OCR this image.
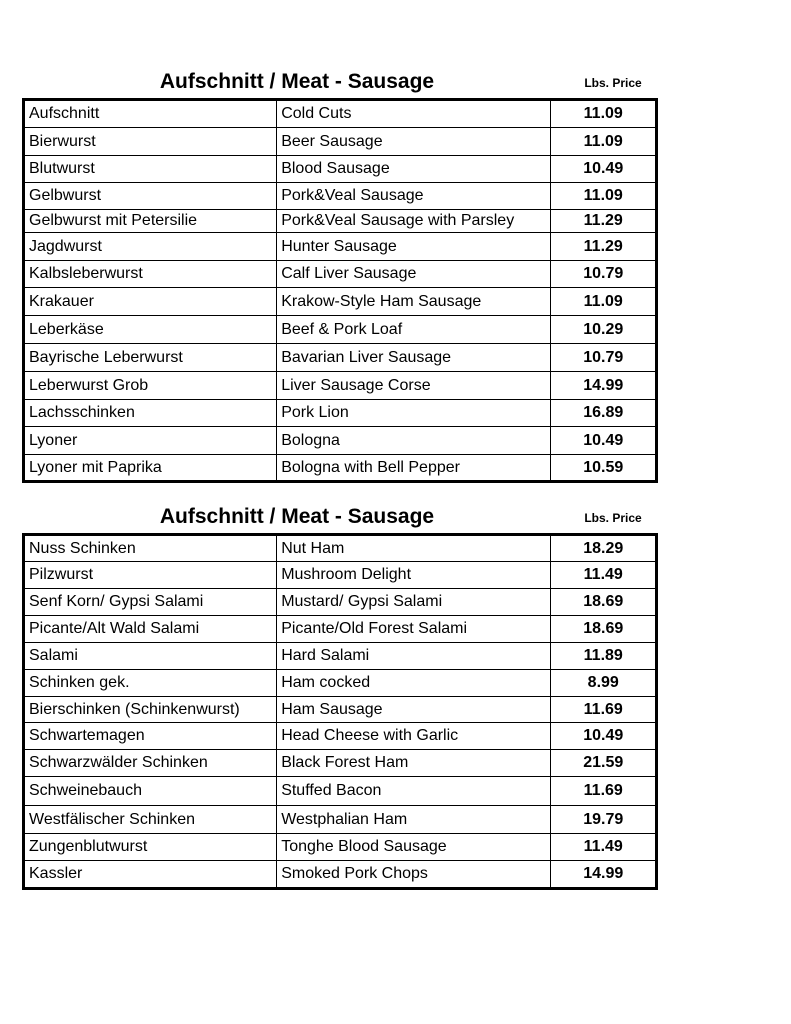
Aufschnitt / Meat - Sausage	Lbs. Price
Aufschnitt	Cold Cuts	11.09
Bierwurst	Beer Sausage	11.09
Blutwurst	Blood Sausage	10.49
Gelbwurst	Pork&Veal Sausage	11.09
Gelbwurst mit Petersilie	Pork&Veal Sausage with Parsley	11.29
Jagdwurst	Hunter Sausage	11.29
Kalbsleberwurst	Calf Liver Sausage	10.79
Krakauer	Krakow-Style Ham Sausage	11.09
Leberkäse	Beef & Pork Loaf	10.29
Bayrische Leberwurst	Bavarian Liver Sausage	10.79
Leberwurst Grob	Liver Sausage Corse	14.99
Lachsschinken	Pork Lion	16.89
Lyoner	Bologna	10.49
Lyoner mit Paprika	Bologna with Bell Pepper	10.59
Aufschnitt / Meat - Sausage	Lbs. Price
Nuss Schinken	Nut Ham	18.29
Pilzwurst	Mushroom Delight	11.49
Senf Korn/ Gypsi Salami	Mustard/ Gypsi Salami	18.69
Picante/Alt Wald Salami	Picante/Old Forest Salami	18.69
Salami	Hard Salami	11.89
Schinken gek.	Ham cocked	8.99
Bierschinken (Schinkenwurst)	Ham Sausage	11.69
Schwartemagen	Head Cheese with Garlic	10.49
Schwarzwälder Schinken	Black Forest Ham	21.59
Schweinebauch	Stuffed Bacon	11.69
Westfälischer Schinken	Westphalian Ham	19.79
Zungenblutwurst	Tonghe Blood Sausage	11.49
Kassler	Smoked Pork Chops	14.99
